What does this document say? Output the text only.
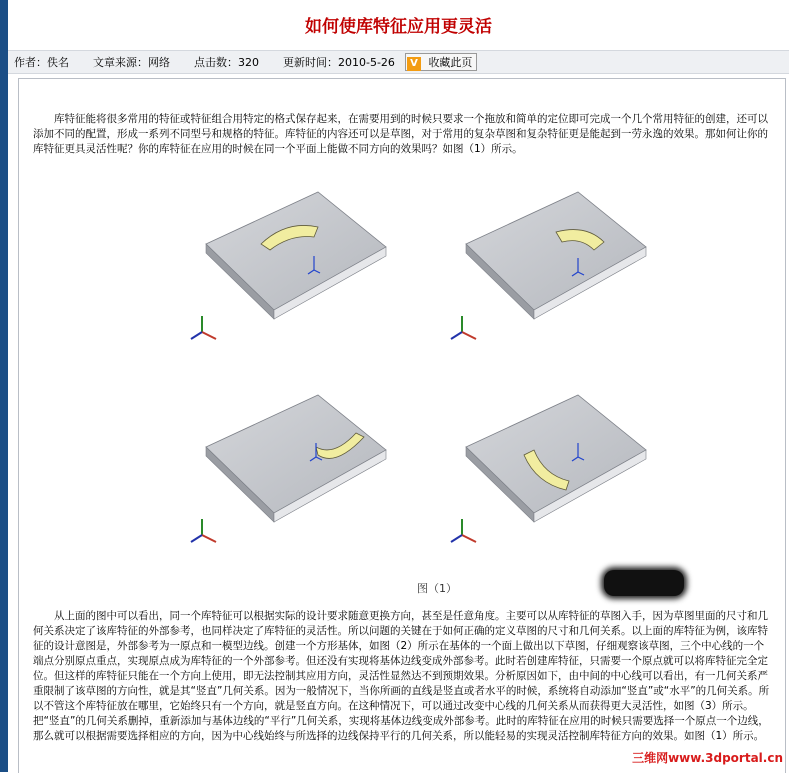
如何使库特征应用更灵活
作者：佚名 文章来源：网络 点击数：320 更新时间：2010-5-26	V 收藏此页

库特征能将很多常用的特征或特征组合用特定的格式保存起来，在需要用到的时候只要求一个拖放和简单的定位即可完成一个几个常用特征的创建，还可以添加不同的配置，形成一系列不同型号和规格的特征。库特征的内容还可以是草图，对于常用的复杂草图和复杂特征更是能起到一劳永逸的效果。那如何让你的库特征更具灵活性呢？你的库特征在应用的时候在同一个平面上能做不同方向的效果吗？如图（1）所示。

图（1）

从上面的图中可以看出，同一个库特征可以根据实际的设计要求随意更换方向，甚至是任意角度。主要可以从库特征的草图入手，因为草图里面的尺寸和几何关系决定了该库特征的外部参考，也同样决定了库特征的灵活性。所以问题的关键在于如何正确的定义草图的尺寸和几何关系。以上面的库特征为例，该库特征的设计意图是，外部参考为一原点和一模型边线。创建一个方形基体，如图（2）所示在基体的一个面上做出以下草图，仔细观察该草图，三个中心线的一个端点分别原点重点，实现原点成为库特征的一个外部参考。但还没有实现将基体边线变成外部参考。此时若创建库特征，只需要一个原点就可以将库特征完全定位。但这样的库特征只能在一个方向上使用，即无法控制其应用方向，灵活性显然达不到预期效果。分析原因如下，由中间的中心线可以看出，有一几何关系严重限制了该草图的方向性，就是其“竖直”几何关系。因为一般情况下，当你所画的直线是竖直或者水平的时候，系统将自动添加“竖直”或“水平”的几何关系。所以不管这个库特征放在哪里，它始终只有一个方向，就是竖直方向。在这种情况下，可以通过改变中心线的几何关系从而获得更大灵活性，如图（3）所示。把“竖直”的几何关系删掉，重新添加与基体边线的“平行”几何关系，实现将基体边线变成外部参考。此时的库特征在应用的时候只需要选择一个原点一个边线，那么就可以根据需要选择相应的方向，因为中心线始终与所选择的边线保持平行的几何关系，所以能轻易的实现灵活控制库特征方向的效果。如图（1）所示。

三维网www.3dportal.cn
